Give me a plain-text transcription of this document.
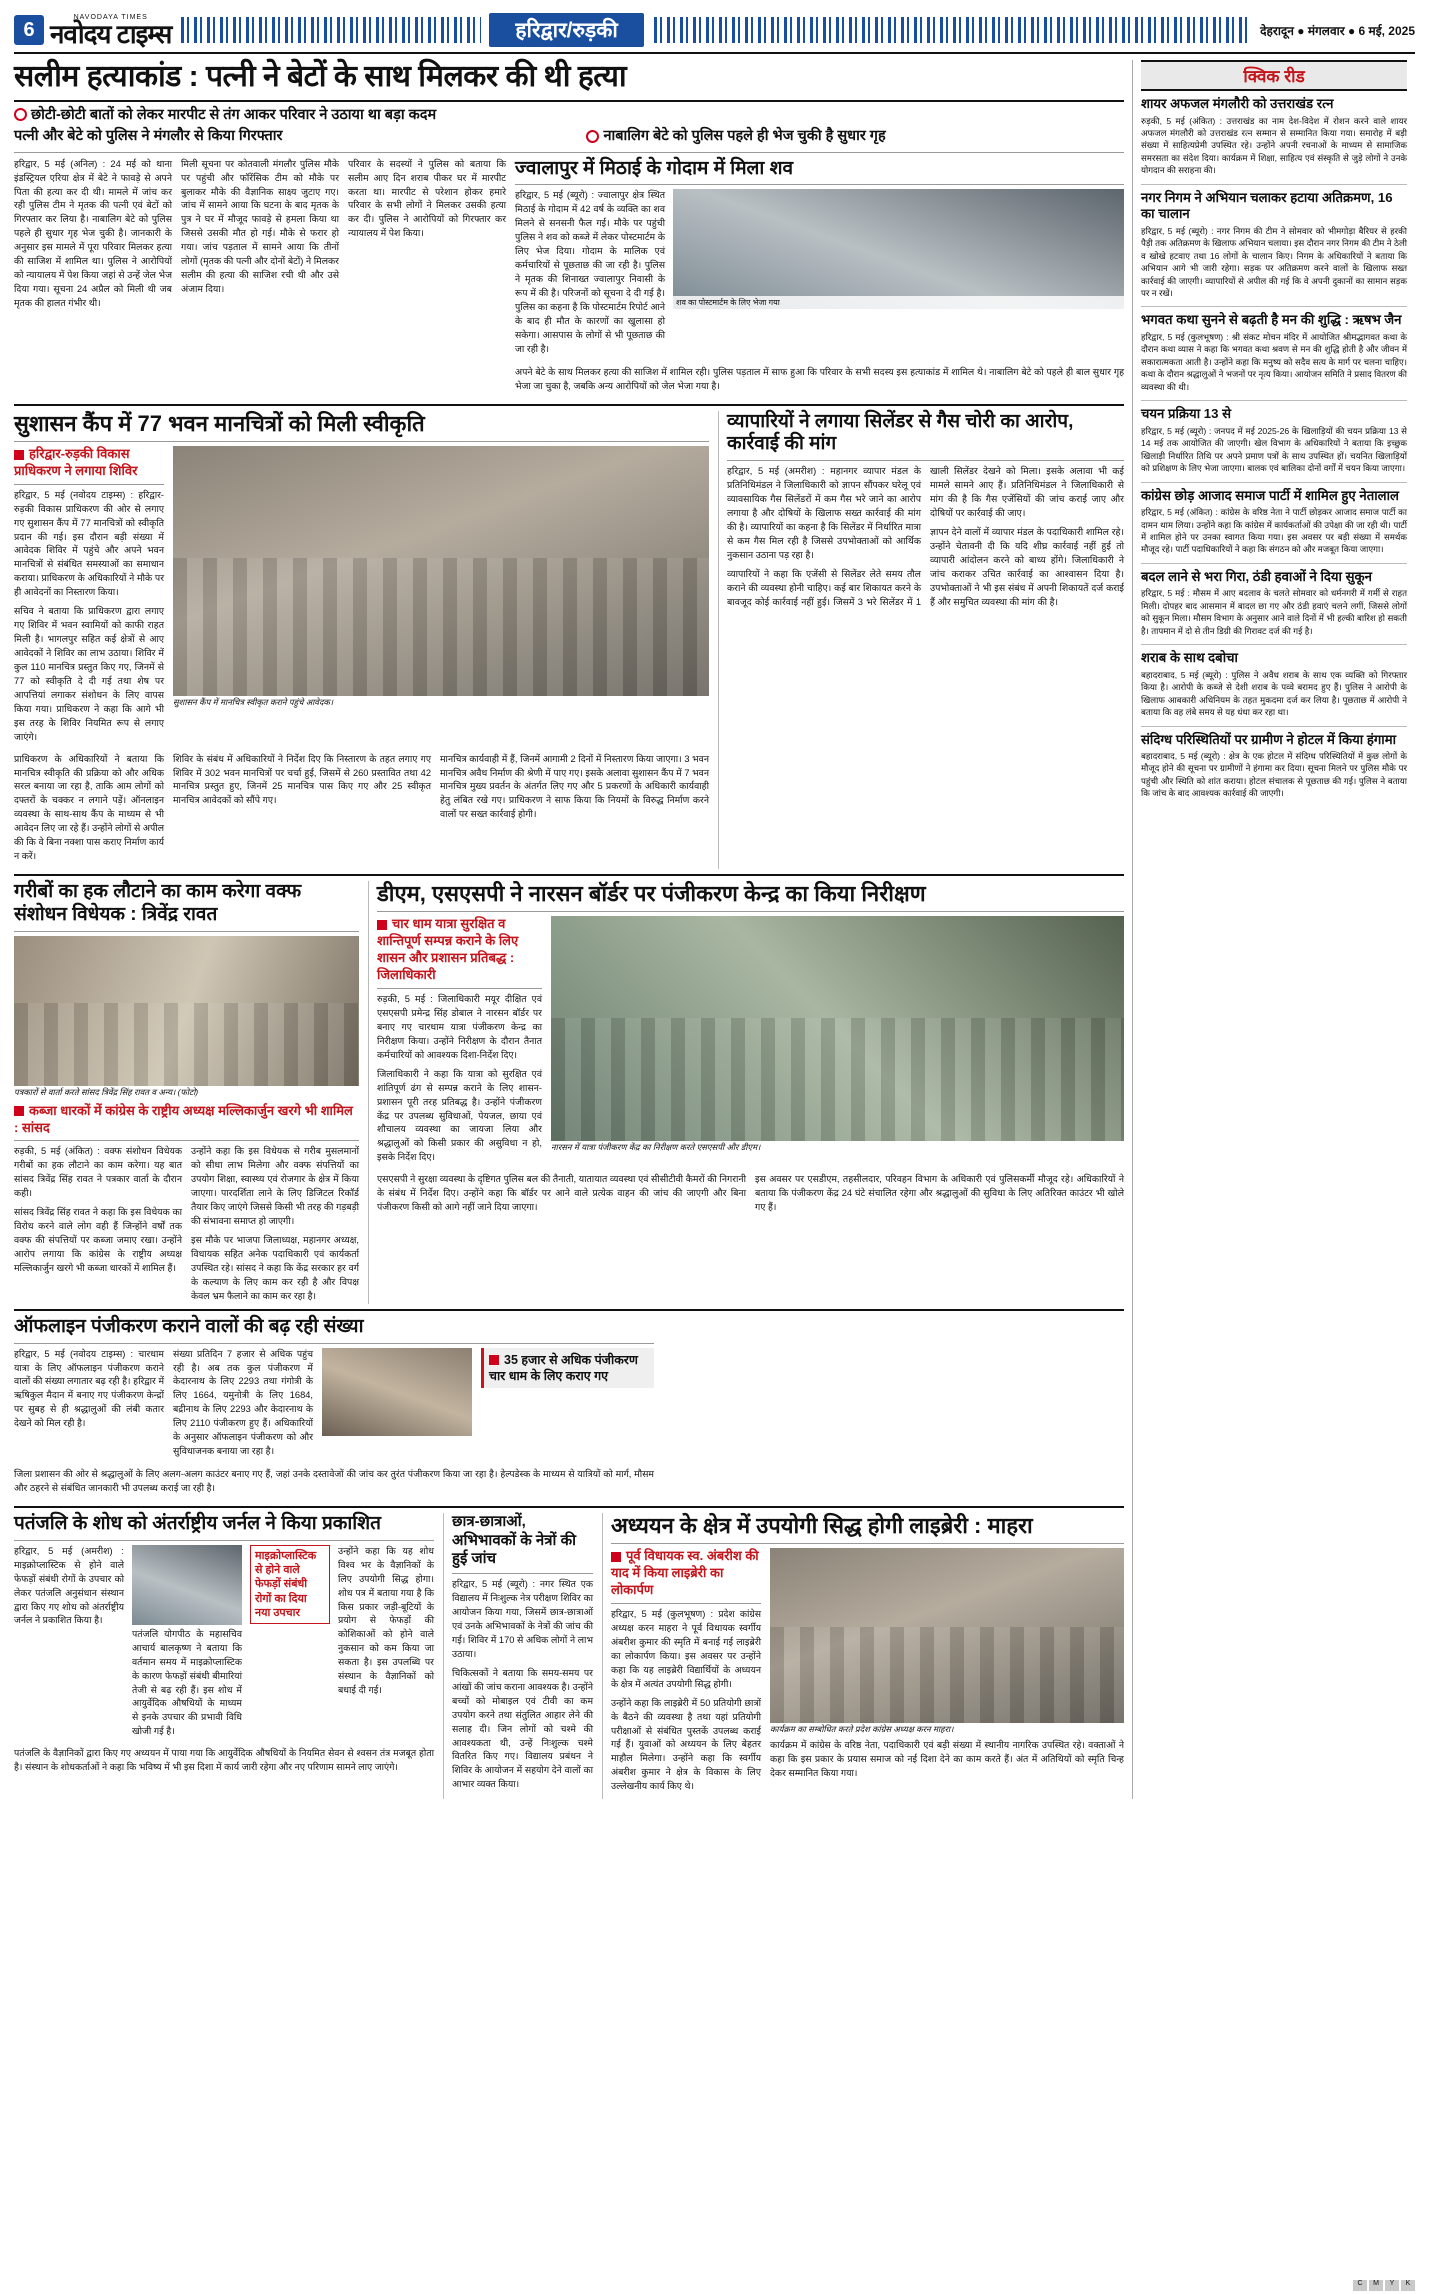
6
NAVODAYA TIMES
नवोदय टाइम्स	हरिद्वार/रुड़की	देहरादून ● मंगलवार ● 6 मई, 2025
सलीम हत्याकांड : पत्नी ने बेटों के साथ मिलकर की थी हत्या
छोटी-छोटी बातों को लेकर मारपीट से तंग आकर परिवार ने उठाया था बड़ा कदम
पत्नी और बेटे को पुलिस ने मंगलौर से किया गिरफ्तार	नाबालिग बेटे को पुलिस पहले ही भेज चुकी है सुधार गृह

हरिद्वार, 5 मई (अनिल) : 24 मई को थाना इंडस्ट्रियल एरिया क्षेत्र में बेटे ने फावड़े से अपने पिता की हत्या कर दी थी। मामले में जांच कर रही पुलिस टीम ने मृतक की पत्नी एवं बेटों को गिरफ्तार कर लिया है। नाबालिग बेटे को पुलिस पहले ही सुधार गृह भेज चुकी है। जानकारी के अनुसार इस मामले में पूरा परिवार मिलकर हत्या की साजिश में शामिल था। पुलिस ने आरोपियों को न्यायालय में पेश किया जहां से उन्हें जेल भेज दिया गया। सूचना 24 अप्रैल को मिली थी जब मृतक की हालत गंभीर थी।

मिली सूचना पर कोतवाली मंगलौर पुलिस मौके पर पहुंची और फॉरेंसिक टीम को मौके पर बुलाकर मौके की वैज्ञानिक साक्ष्य जुटाए गए। जांच में सामने आया कि घटना के बाद मृतक के पुत्र ने घर में मौजूद फावड़े से हमला किया था जिससे उसकी मौत हो गई। मौके से फरार हो गया। जांच पड़ताल में सामने आया कि तीनों लोगों (मृतक की पत्नी और दोनों बेटों) ने मिलकर सलीम की हत्या की साजिश रची थी और उसे अंजाम दिया।

परिवार के सदस्यों ने पुलिस को बताया कि सलीम आए दिन शराब पीकर घर में मारपीट करता था। मारपीट से परेशान होकर हमारे परिवार के सभी लोगों ने मिलकर उसकी हत्या कर दी। पुलिस ने आरोपियों को गिरफ्तार कर न्यायालय में पेश किया।

ज्वालापुर में मिठाई के गोदाम में मिला शव

हरिद्वार, 5 मई (ब्यूरो) : ज्वालापुर क्षेत्र स्थित मिठाई के गोदाम में 42 वर्ष के व्यक्ति का शव मिलने से सनसनी फैल गई। मौके पर पहुंची पुलिस ने शव को कब्जे में लेकर पोस्टमार्टम के लिए भेज दिया। गोदाम के मालिक एवं कर्मचारियों से पूछताछ की जा रही है। पुलिस ने मृतक की शिनाख्त ज्वालापुर निवासी के रूप में की है। परिजनों को सूचना दे दी गई है। पुलिस का कहना है कि पोस्टमार्टम रिपोर्ट आने के बाद ही मौत के कारणों का खुलासा हो सकेगा। आसपास के लोगों से भी पूछताछ की जा रही है।

शव का पोस्टमार्टम के लिए भेजा गया

अपने बेटे के साथ मिलकर हत्या की साजिश में शामिल रही। पुलिस पड़ताल में साफ हुआ कि परिवार के सभी सदस्य इस हत्याकांड में शामिल थे। नाबालिग बेटे को पहले ही बाल सुधार गृह भेजा जा चुका है, जबकि अन्य आरोपियों को जेल भेजा गया है।

सुशासन कैंप में 77 भवन मानचित्रों को मिली स्वीकृति
हरिद्वार-रुड़की विकास प्राधिकरण ने लगाया शिविर

हरिद्वार, 5 मई (नवोदय टाइम्स) : हरिद्वार-रुड़की विकास प्राधिकरण की ओर से लगाए गए सुशासन कैंप में 77 मानचित्रों को स्वीकृति प्रदान की गई। इस दौरान बड़ी संख्या में आवेदक शिविर में पहुंचे और अपने भवन मानचित्रों से संबंधित समस्याओं का समाधान कराया। प्राधिकरण के अधिकारियों ने मौके पर ही आवेदनों का निस्तारण किया।

सचिव ने बताया कि प्राधिकरण द्वारा लगाए गए शिविर में भवन स्वामियों को काफी राहत मिली है। भागलपुर सहित कई क्षेत्रों से आए आवेदकों ने शिविर का लाभ उठाया। शिविर में कुल 110 मानचित्र प्रस्तुत किए गए, जिनमें से 77 को स्वीकृति दे दी गई तथा शेष पर आपत्तियां लगाकर संशोधन के लिए वापस किया गया। प्राधिकरण ने कहा कि आगे भी इस तरह के शिविर नियमित रूप से लगाए जाएंगे।

सुशासन कैंप में मानचित्र स्वीकृत कराने पहुंचे आवेदक।

प्राधिकरण के अधिकारियों ने बताया कि मानचित्र स्वीकृति की प्रक्रिया को और अधिक सरल बनाया जा रहा है, ताकि आम लोगों को दफ्तरों के चक्कर न लगाने पड़ें। ऑनलाइन व्यवस्था के साथ-साथ कैंप के माध्यम से भी आवेदन लिए जा रहे हैं। उन्होंने लोगों से अपील की कि वे बिना नक्शा पास कराए निर्माण कार्य न करें।

शिविर के संबंध में अधिकारियों ने निर्देश दिए कि निस्तारण के तहत लगाए गए शिविर में 302 भवन मानचित्रों पर चर्चा हुई, जिसमें से 260 प्रस्तावित तथा 42 मानचित्र प्रस्तुत हुए, जिनमें 25 मानचित्र पास किए गए और 25 स्वीकृत मानचित्र आवेदकों को सौंपे गए।

मानचित्र कार्यवाही में हैं, जिनमें आगामी 2 दिनों में निस्तारण किया जाएगा। 3 भवन मानचित्र अवैध निर्माण की श्रेणी में पाए गए। इसके अलावा सुशासन कैंप में 7 भवन मानचित्र मुख्य प्रवर्तन के अंतर्गत लिए गए और 5 प्रकरणों के अधिकारी कार्यवाही हेतु लंबित रखे गए। प्राधिकरण ने साफ किया कि नियमों के विरुद्ध निर्माण करने वालों पर सख्त कार्रवाई होगी।

व्यापारियों ने लगाया सिलेंडर से गैस चोरी का आरोप, कार्रवाई की मांग

हरिद्वार, 5 मई (अमरीश) : महानगर व्यापार मंडल के प्रतिनिधिमंडल ने जिलाधिकारी को ज्ञापन सौंपकर घरेलू एवं व्यावसायिक गैस सिलेंडरों में कम गैस भरे जाने का आरोप लगाया है और दोषियों के खिलाफ सख्त कार्रवाई की मांग की है। व्यापारियों का कहना है कि सिलेंडर में निर्धारित मात्रा से कम गैस मिल रही है जिससे उपभोक्ताओं को आर्थिक नुकसान उठाना पड़ रहा है।

व्यापारियों ने कहा कि एजेंसी से सिलेंडर लेते समय तौल कराने की व्यवस्था होनी चाहिए। कई बार शिकायत करने के बावजूद कोई कार्रवाई नहीं हुई। जिसमें 3 भरे सिलेंडर में 1 खाली सिलेंडर देखने को मिला। इसके अलावा भी कई मामले सामने आए हैं। प्रतिनिधिमंडल ने जिलाधिकारी से मांग की है कि गैस एजेंसियों की जांच कराई जाए और दोषियों पर कार्रवाई की जाए।

ज्ञापन देने वालों में व्यापार मंडल के पदाधिकारी शामिल रहे। उन्होंने चेतावनी दी कि यदि शीघ्र कार्रवाई नहीं हुई तो व्यापारी आंदोलन करने को बाध्य होंगे। जिलाधिकारी ने जांच कराकर उचित कार्रवाई का आश्वासन दिया है। उपभोक्ताओं ने भी इस संबंध में अपनी शिकायतें दर्ज कराई हैं और समुचित व्यवस्था की मांग की है।

गरीबों का हक लौटाने का काम करेगा वक्फ संशोधन विधेयक : त्रिवेंद्र रावत
पत्रकारों से वार्ता करते सांसद त्रिवेंद्र सिंह रावत व अन्य। (फोटो)
कब्जा धारकों में कांग्रेस के राष्ट्रीय अध्यक्ष मल्लिकार्जुन खरगे भी शामिल : सांसद

रुड़की, 5 मई (अंकित) : वक्फ संशोधन विधेयक गरीबों का हक लौटाने का काम करेगा। यह बात सांसद त्रिवेंद्र सिंह रावत ने पत्रकार वार्ता के दौरान कही।

सांसद त्रिवेंद्र सिंह रावत ने कहा कि इस विधेयक का विरोध करने वाले लोग वही हैं जिन्होंने वर्षों तक वक्फ की संपत्तियों पर कब्जा जमाए रखा। उन्होंने आरोप लगाया कि कांग्रेस के राष्ट्रीय अध्यक्ष मल्लिकार्जुन खरगे भी कब्जा धारकों में शामिल हैं।

उन्होंने कहा कि इस विधेयक से गरीब मुसलमानों को सीधा लाभ मिलेगा और वक्फ संपत्तियों का उपयोग शिक्षा, स्वास्थ्य एवं रोजगार के क्षेत्र में किया जाएगा। पारदर्शिता लाने के लिए डिजिटल रिकॉर्ड तैयार किए जाएंगे जिससे किसी भी तरह की गड़बड़ी की संभावना समाप्त हो जाएगी।

इस मौके पर भाजपा जिलाध्यक्ष, महानगर अध्यक्ष, विधायक सहित अनेक पदाधिकारी एवं कार्यकर्ता उपस्थित रहे। सांसद ने कहा कि केंद्र सरकार हर वर्ग के कल्याण के लिए काम कर रही है और विपक्ष केवल भ्रम फैलाने का काम कर रहा है।

डीएम, एसएसपी ने नारसन बॉर्डर पर पंजीकरण केन्द्र का किया निरीक्षण
चार धाम यात्रा सुरक्षित व शान्तिपूर्ण सम्पन्न कराने के लिए शासन और प्रशासन प्रतिबद्ध : जिलाधिकारी

रुड़की, 5 मई : जिलाधिकारी मयूर दीक्षित एवं एसएसपी प्रमेन्द्र सिंह डोबाल ने नारसन बॉर्डर पर बनाए गए चारधाम यात्रा पंजीकरण केन्द्र का निरीक्षण किया। उन्होंने निरीक्षण के दौरान तैनात कर्मचारियों को आवश्यक दिशा-निर्देश दिए।

जिलाधिकारी ने कहा कि यात्रा को सुरक्षित एवं शांतिपूर्ण ढंग से सम्पन्न कराने के लिए शासन-प्रशासन पूरी तरह प्रतिबद्ध है। उन्होंने पंजीकरण केंद्र पर उपलब्ध सुविधाओं, पेयजल, छाया एवं शौचालय व्यवस्था का जायजा लिया और श्रद्धालुओं को किसी प्रकार की असुविधा न हो, इसके निर्देश दिए।

नारसन में यात्रा पंजीकरण केंद्र का निरीक्षण करते एसएसपी और डीएम।

एसएसपी ने सुरक्षा व्यवस्था के दृष्टिगत पुलिस बल की तैनाती, यातायात व्यवस्था एवं सीसीटीवी कैमरों की निगरानी के संबंध में निर्देश दिए। उन्होंने कहा कि बॉर्डर पर आने वाले प्रत्येक वाहन की जांच की जाएगी और बिना पंजीकरण किसी को आगे नहीं जाने दिया जाएगा।

इस अवसर पर एसडीएम, तहसीलदार, परिवहन विभाग के अधिकारी एवं पुलिसकर्मी मौजूद रहे। अधिकारियों ने बताया कि पंजीकरण केंद्र 24 घंटे संचालित रहेगा और श्रद्धालुओं की सुविधा के लिए अतिरिक्त काउंटर भी खोले गए हैं।

ऑफलाइन पंजीकरण कराने वालों की बढ़ रही संख्या

हरिद्वार, 5 मई (नवोदय टाइम्स) : चारधाम यात्रा के लिए ऑफलाइन पंजीकरण कराने वालों की संख्या लगातार बढ़ रही है। हरिद्वार में ऋषिकुल मैदान में बनाए गए पंजीकरण केन्द्रों पर सुबह से ही श्रद्धालुओं की लंबी कतार देखने को मिल रही है।

संख्या प्रतिदिन 7 हजार से अधिक पहुंच रही है। अब तक कुल पंजीकरण में केदारनाथ के लिए 2293 तथा गंगोत्री के लिए 1664, यमुनोत्री के लिए 1684, बद्रीनाथ के लिए 2293 और केदारनाथ के लिए 2110 पंजीकरण हुए हैं। अधिकारियों के अनुसार ऑफलाइन पंजीकरण को और सुविधाजनक बनाया जा रहा है।

35 हजार से अधिक पंजीकरण चार धाम के लिए कराए गए

जिला प्रशासन की ओर से श्रद्धालुओं के लिए अलग-अलग काउंटर बनाए गए हैं, जहां उनके दस्तावेजों की जांच कर तुरंत पंजीकरण किया जा रहा है। हेल्पडेस्क के माध्यम से यात्रियों को मार्ग, मौसम और ठहरने से संबंधित जानकारी भी उपलब्ध कराई जा रही है।

पतंजलि के शोध को अंतर्राष्ट्रीय जर्नल ने किया प्रकाशित

हरिद्वार, 5 मई (अमरीश) : माइक्रोप्लास्टिक से होने वाले फेफड़ों संबंधी रोगों के उपचार को लेकर पतंजलि अनुसंधान संस्थान द्वारा किए गए शोध को अंतर्राष्ट्रीय जर्नल ने प्रकाशित किया है।

पतंजलि योगपीठ के महासचिव आचार्य बालकृष्ण ने बताया कि वर्तमान समय में माइक्रोप्लास्टिक के कारण फेफड़ों संबंधी बीमारियां तेजी से बढ़ रही हैं। इस शोध में आयुर्वेदिक औषधियों के माध्यम से इनके उपचार की प्रभावी विधि खोजी गई है।

माइक्रोप्लास्टिक से होने वाले फेफड़ों संबंधी रोगों का दिया नया उपचार

उन्होंने कहा कि यह शोध विश्व भर के वैज्ञानिकों के लिए उपयोगी सिद्ध होगा। शोध पत्र में बताया गया है कि किस प्रकार जड़ी-बूटियों के प्रयोग से फेफड़ों की कोशिकाओं को होने वाले नुकसान को कम किया जा सकता है। इस उपलब्धि पर संस्थान के वैज्ञानिकों को बधाई दी गई।

पतंजलि के वैज्ञानिकों द्वारा किए गए अध्ययन में पाया गया कि आयुर्वेदिक औषधियों के नियमित सेवन से श्वसन तंत्र मजबूत होता है। संस्थान के शोधकर्ताओं ने कहा कि भविष्य में भी इस दिशा में कार्य जारी रहेगा और नए परिणाम सामने लाए जाएंगे।

छात्र-छात्राओं, अभिभावकों के नेत्रों की हुई जांच

हरिद्वार, 5 मई (ब्यूरो) : नगर स्थित एक विद्यालय में निःशुल्क नेत्र परीक्षण शिविर का आयोजन किया गया, जिसमें छात्र-छात्राओं एवं उनके अभिभावकों के नेत्रों की जांच की गई। शिविर में 170 से अधिक लोगों ने लाभ उठाया।

चिकित्सकों ने बताया कि समय-समय पर आंखों की जांच कराना आवश्यक है। उन्होंने बच्चों को मोबाइल एवं टीवी का कम उपयोग करने तथा संतुलित आहार लेने की सलाह दी। जिन लोगों को चश्मे की आवश्यकता थी, उन्हें निःशुल्क चश्मे वितरित किए गए। विद्यालय प्रबंधन ने शिविर के आयोजन में सहयोग देने वालों का आभार व्यक्त किया।

अध्ययन के क्षेत्र में उपयोगी सिद्ध होगी लाइब्रेरी : माहरा
पूर्व विधायक स्व. अंबरीश की याद में किया लाइब्रेरी का लोकार्पण

हरिद्वार, 5 मई (कुलभूषण) : प्रदेश कांग्रेस अध्यक्ष करन माहरा ने पूर्व विधायक स्वर्गीय अंबरीश कुमार की स्मृति में बनाई गई लाइब्रेरी का लोकार्पण किया। इस अवसर पर उन्होंने कहा कि यह लाइब्रेरी विद्यार्थियों के अध्ययन के क्षेत्र में अत्यंत उपयोगी सिद्ध होगी।

उन्होंने कहा कि लाइब्रेरी में 50 प्रतियोगी छात्रों के बैठने की व्यवस्था है तथा यहां प्रतियोगी परीक्षाओं से संबंधित पुस्तकें उपलब्ध कराई गई हैं। युवाओं को अध्ययन के लिए बेहतर माहौल मिलेगा। उन्होंने कहा कि स्वर्गीय अंबरीश कुमार ने क्षेत्र के विकास के लिए उल्लेखनीय कार्य किए थे।

कार्यक्रम का सम्बोधित करते प्रदेश कांग्रेस अध्यक्ष करन माहरा।

कार्यक्रम में कांग्रेस के वरिष्ठ नेता, पदाधिकारी एवं बड़ी संख्या में स्थानीय नागरिक उपस्थित रहे। वक्ताओं ने कहा कि इस प्रकार के प्रयास समाज को नई दिशा देने का काम करते हैं। अंत में अतिथियों को स्मृति चिन्ह देकर सम्मानित किया गया।

क्विक रीड
शायर अफजल मंगलौरी को उत्तराखंड रत्न
रुड़की, 5 मई (अंकित) : उत्तराखंड का नाम देश-विदेश में रोशन करने वाले शायर अफजल मंगलौरी को उत्तराखंड रत्न सम्मान से सम्मानित किया गया। समारोह में बड़ी संख्या में साहित्यप्रेमी उपस्थित रहे। उन्होंने अपनी रचनाओं के माध्यम से सामाजिक समरसता का संदेश दिया। कार्यक्रम में शिक्षा, साहित्य एवं संस्कृति से जुड़े लोगों ने उनके योगदान की सराहना की।
नगर निगम ने अभियान चलाकर हटाया अतिक्रमण, 16 का चालान
हरिद्वार, 5 मई (ब्यूरो) : नगर निगम की टीम ने सोमवार को भीमगोड़ा बैरियर से हरकी पैड़ी तक अतिक्रमण के खिलाफ अभियान चलाया। इस दौरान नगर निगम की टीम ने ठेली व खोखे हटवाए तथा 16 लोगों के चालान किए। निगम के अधिकारियों ने बताया कि अभियान आगे भी जारी रहेगा। सड़क पर अतिक्रमण करने वालों के खिलाफ सख्त कार्रवाई की जाएगी। व्यापारियों से अपील की गई कि वे अपनी दुकानों का सामान सड़क पर न रखें।
भगवत कथा सुनने से बढ़ती है मन की शुद्धि : ऋषभ जैन
हरिद्वार, 5 मई (कुलभूषण) : श्री संकट मोचन मंदिर में आयोजित श्रीमद्भागवत कथा के दौरान कथा व्यास ने कहा कि भगवत कथा श्रवण से मन की शुद्धि होती है और जीवन में सकारात्मकता आती है। उन्होंने कहा कि मनुष्य को सदैव सत्य के मार्ग पर चलना चाहिए। कथा के दौरान श्रद्धालुओं ने भजनों पर नृत्य किया। आयोजन समिति ने प्रसाद वितरण की व्यवस्था की थी।
चयन प्रक्रिया 13 से
हरिद्वार, 5 मई (ब्यूरो) : जनपद में मई 2025-26 के खिलाड़ियों की चयन प्रक्रिया 13 से 14 मई तक आयोजित की जाएगी। खेल विभाग के अधिकारियों ने बताया कि इच्छुक खिलाड़ी निर्धारित तिथि पर अपने प्रमाण पत्रों के साथ उपस्थित हों। चयनित खिलाड़ियों को प्रशिक्षण के लिए भेजा जाएगा। बालक एवं बालिका दोनों वर्गों में चयन किया जाएगा।
कांग्रेस छोड़ आजाद समाज पार्टी में शामिल हुए नेतालाल
हरिद्वार, 5 मई (अंकित) : कांग्रेस के वरिष्ठ नेता ने पार्टी छोड़कर आजाद समाज पार्टी का दामन थाम लिया। उन्होंने कहा कि कांग्रेस में कार्यकर्ताओं की उपेक्षा की जा रही थी। पार्टी में शामिल होने पर उनका स्वागत किया गया। इस अवसर पर बड़ी संख्या में समर्थक मौजूद रहे। पार्टी पदाधिकारियों ने कहा कि संगठन को और मजबूत किया जाएगा।
बदल लाने से भरा गिरा, ठंडी हवाओं ने दिया सुकून
हरिद्वार, 5 मई : मौसम में आए बदलाव के चलते सोमवार को धर्मनगरी में गर्मी से राहत मिली। दोपहर बाद आसमान में बादल छा गए और ठंडी हवाएं चलने लगीं, जिससे लोगों को सुकून मिला। मौसम विभाग के अनुसार आने वाले दिनों में भी हल्की बारिश हो सकती है। तापमान में दो से तीन डिग्री की गिरावट दर्ज की गई है।
शराब के साथ दबोचा
बहादराबाद, 5 मई (ब्यूरो) : पुलिस ने अवैध शराब के साथ एक व्यक्ति को गिरफ्तार किया है। आरोपी के कब्जे से देशी शराब के पव्वे बरामद हुए हैं। पुलिस ने आरोपी के खिलाफ आबकारी अधिनियम के तहत मुकदमा दर्ज कर लिया है। पूछताछ में आरोपी ने बताया कि वह लंबे समय से यह धंधा कर रहा था।
संदिग्ध परिस्थितियों पर ग्रामीण ने होटल में किया हंगामा
बहादराबाद, 5 मई (ब्यूरो) : क्षेत्र के एक होटल में संदिग्ध परिस्थितियों में कुछ लोगों के मौजूद होने की सूचना पर ग्रामीणों ने हंगामा कर दिया। सूचना मिलने पर पुलिस मौके पर पहुंची और स्थिति को शांत कराया। होटल संचालक से पूछताछ की गई। पुलिस ने बताया कि जांच के बाद आवश्यक कार्रवाई की जाएगी।
C	M	Y	K
